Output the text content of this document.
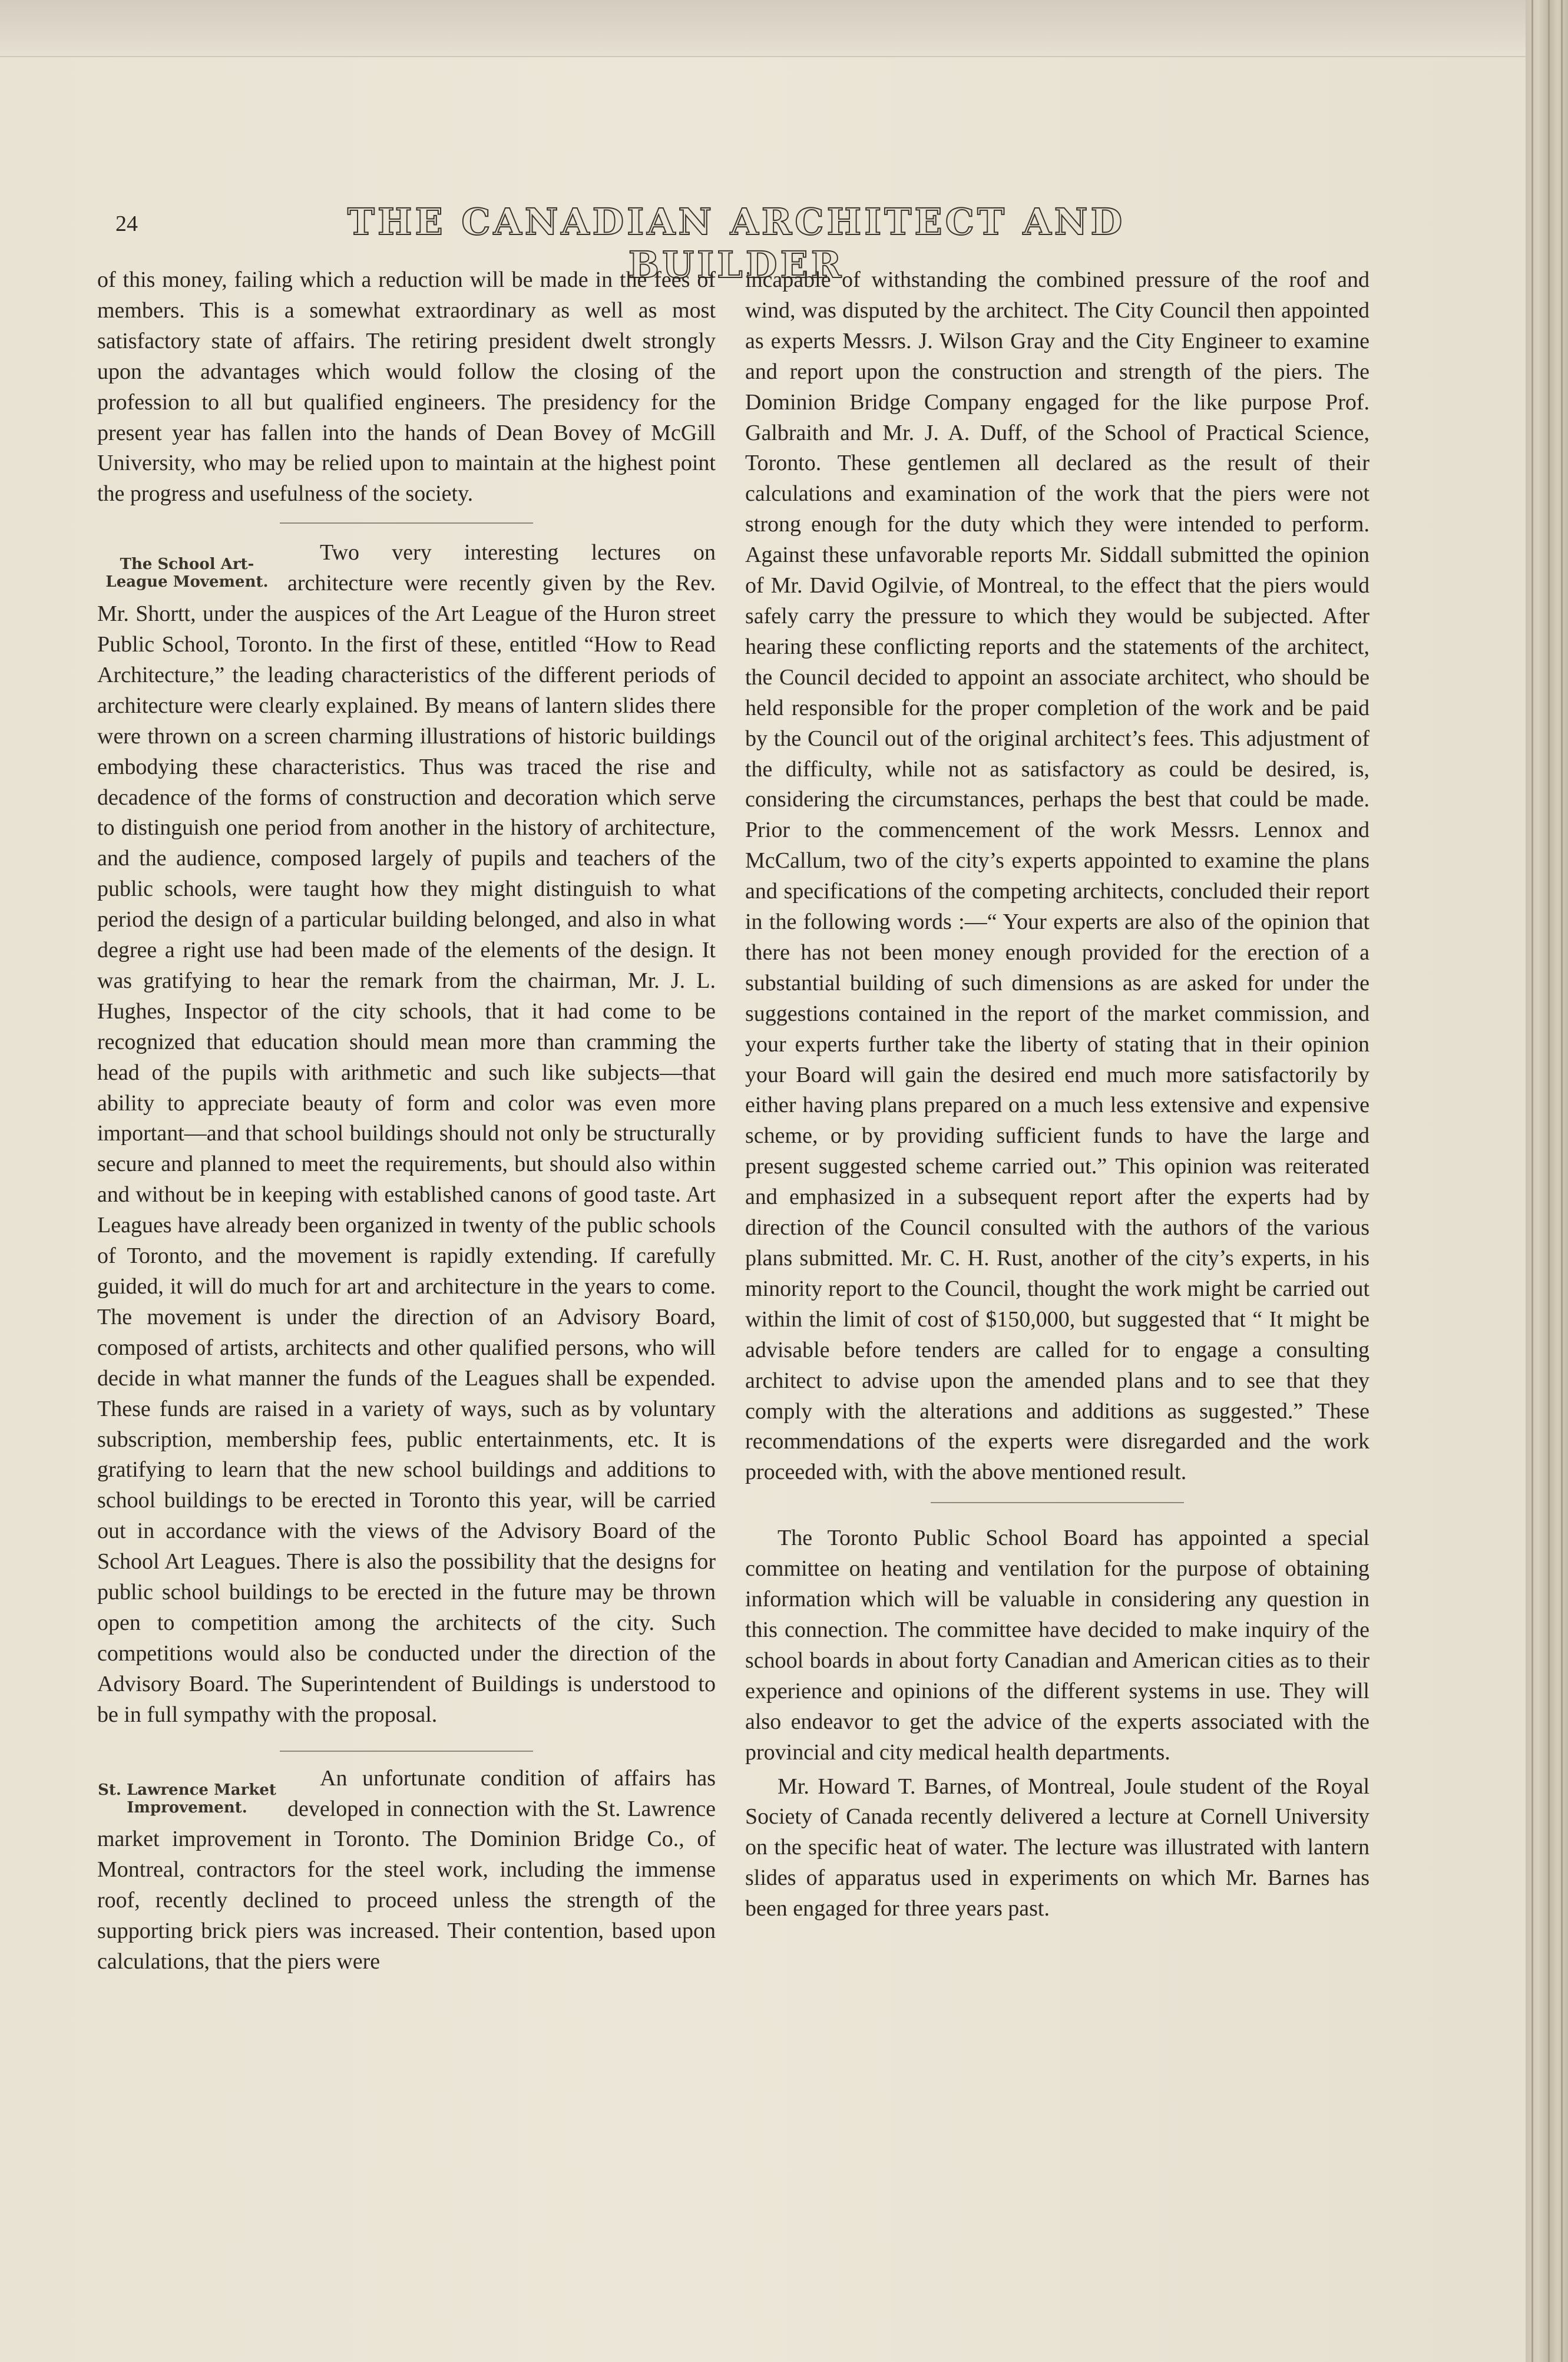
24	THE CANADIAN ARCHITECT AND BUILDER

of this money, failing which a reduction will be made in the fees of members. This is a somewhat extraordinary as well as most satisfactory state of affairs. The retiring president dwelt strongly upon the advantages which would follow the closing of the profession to all but qualified engineers. The presidency for the present year has fallen into the hands of Dean Bovey of McGill University, who may be relied upon to maintain at the highest point the progress and usefulness of the society.

The School Art-League Movement.

Two very interesting lectures on architecture were recently given by the Rev. Mr. Shortt, under the auspices of the Art League of the Huron street Public School, Toronto. In the first of these, entitled “How to Read Architecture,” the leading characteristics of the different periods of architecture were clearly explained. By means of lantern slides there were thrown on a screen charming illustrations of historic buildings embodying these characteristics. Thus was traced the rise and decadence of the forms of construction and decoration which serve to distinguish one period from another in the history of architecture, and the audience, composed largely of pupils and teachers of the public schools, were taught how they might distinguish to what period the design of a particular building belonged, and also in what degree a right use had been made of the elements of the design. It was gratifying to hear the remark from the chairman, Mr. J. L. Hughes, Inspector of the city schools, that it had come to be recognized that education should mean more than cramming the head of the pupils with arithmetic and such like subjects—that ability to appreciate beauty of form and color was even more important—and that school buildings should not only be structurally secure and planned to meet the requirements, but should also within and without be in keeping with established canons of good taste. Art Leagues have already been organized in twenty of the public schools of Toronto, and the movement is rapidly extending. If carefully guided, it will do much for art and architecture in the years to come. The movement is under the direction of an Advisory Board, composed of artists, architects and other qualified persons, who will decide in what manner the funds of the Leagues shall be expended. These funds are raised in a variety of ways, such as by voluntary subscription, membership fees, public entertainments, etc. It is gratifying to learn that the new school buildings and additions to school buildings to be erected in Toronto this year, will be carried out in accordance with the views of the Advisory Board of the School Art Leagues. There is also the possibility that the designs for public school buildings to be erected in the future may be thrown open to competition among the architects of the city. Such competitions would also be conducted under the direction of the Advisory Board. The Superintendent of Buildings is understood to be in full sympathy with the proposal.

St. Lawrence Market Improvement.

An unfortunate condition of affairs has developed in connection with the St. Lawrence market improvement in Toronto. The Dominion Bridge Co., of Montreal, contractors for the steel work, including the immense roof, recently declined to proceed unless the strength of the supporting brick piers was increased. Their contention, based upon calculations, that the piers were

incapable of withstanding the combined pressure of the roof and wind, was disputed by the architect. The City Council then appointed as experts Messrs. J. Wilson Gray and the City Engineer to examine and report upon the construction and strength of the piers. The Dominion Bridge Company engaged for the like purpose Prof. Galbraith and Mr. J. A. Duff, of the School of Practical Science, Toronto. These gentlemen all declared as the result of their calculations and examination of the work that the piers were not strong enough for the duty which they were intended to perform. Against these unfavorable reports Mr. Siddall submitted the opinion of Mr. David Ogilvie, of Montreal, to the effect that the piers would safely carry the pressure to which they would be subjected. After hearing these conflicting reports and the statements of the architect, the Council decided to appoint an associate architect, who should be held responsible for the proper completion of the work and be paid by the Council out of the original architect’s fees. This adjustment of the difficulty, while not as satisfactory as could be desired, is, considering the circumstances, perhaps the best that could be made. Prior to the commencement of the work Messrs. Lennox and McCallum, two of the city’s experts appointed to examine the plans and specifications of the competing architects, concluded their report in the following words :—“ Your experts are also of the opinion that there has not been money enough provided for the erection of a substantial building of such dimensions as are asked for under the suggestions contained in the report of the market commission, and your experts further take the liberty of stating that in their opinion your Board will gain the desired end much more satisfactorily by either having plans prepared on a much less extensive and expensive scheme, or by providing sufficient funds to have the large and present suggested scheme carried out.” This opinion was reiterated and emphasized in a subsequent report after the experts had by direction of the Council consulted with the authors of the various plans submitted. Mr. C. H. Rust, another of the city’s experts, in his minority report to the Council, thought the work might be carried out within the limit of cost of $150,000, but suggested that “ It might be advisable before tenders are called for to engage a consulting architect to advise upon the amended plans and to see that they comply with the alterations and additions as suggested.” These recommendations of the experts were disregarded and the work proceeded with, with the above mentioned result.

The Toronto Public School Board has appointed a special committee on heating and ventilation for the purpose of obtaining information which will be valuable in considering any question in this connection. The committee have decided to make inquiry of the school boards in about forty Canadian and American cities as to their experience and opinions of the different systems in use. They will also endeavor to get the advice of the experts associated with the provincial and city medical health departments.

Mr. Howard T. Barnes, of Montreal, Joule student of the Royal Society of Canada recently delivered a lecture at Cornell University on the specific heat of water. The lecture was illustrated with lantern slides of apparatus used in experiments on which Mr. Barnes has been engaged for three years past.
